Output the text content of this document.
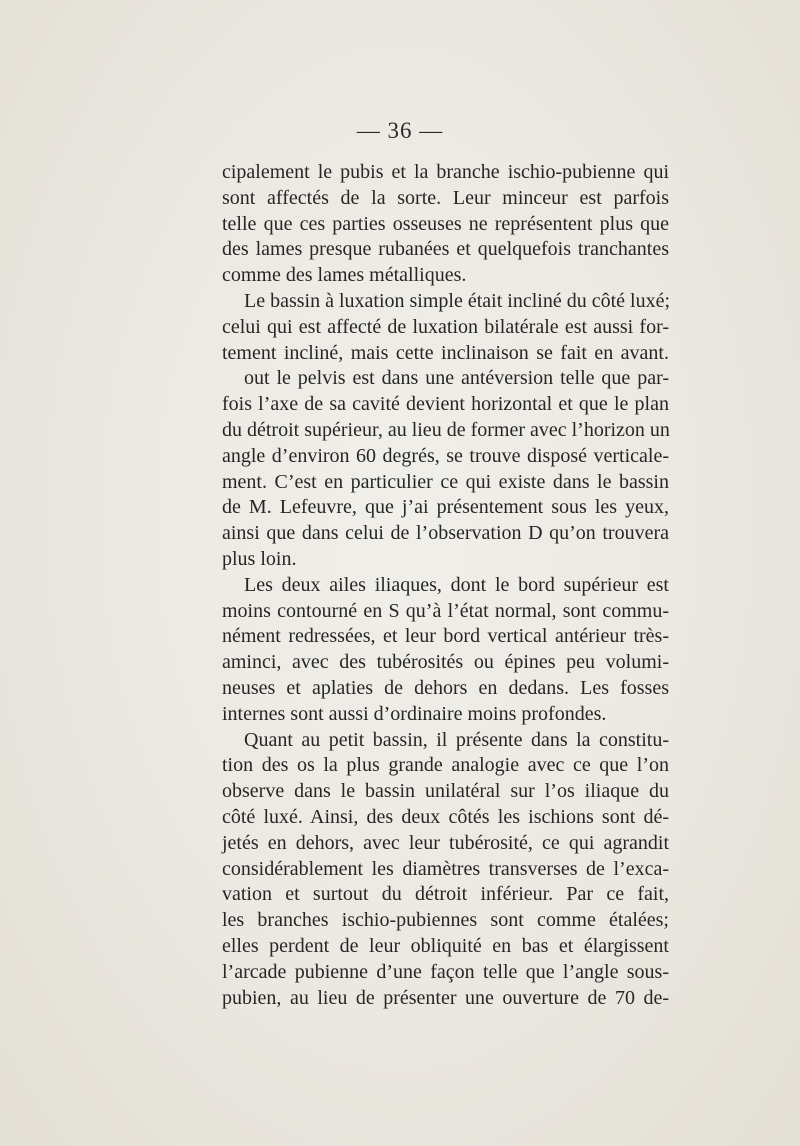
— 36 —
cipalement le pubis et la branche ischio-pubienne qui
sont affectés de la sorte. Leur minceur est parfois
telle que ces parties osseuses ne représentent plus que
des lames presque rubanées et quelquefois tranchantes
comme des lames métalliques.
Le bassin à luxation simple était incliné du côté luxé;
celui qui est affecté de luxation bilatérale est aussi for-
tement incliné, mais cette inclinaison se fait en avant.
out le pelvis est dans une antéversion telle que par-
fois l’axe de sa cavité devient horizontal et que le plan
du détroit supérieur, au lieu de former avec l’horizon un
angle d’environ 60 degrés, se trouve disposé verticale-
ment. C’est en particulier ce qui existe dans le bassin
de M. Lefeuvre, que j’ai présentement sous les yeux,
ainsi que dans celui de l’observation D qu’on trouvera
plus loin.
Les deux ailes iliaques, dont le bord supérieur est
moins contourné en S qu’à l’état normal, sont commu-
nément redressées, et leur bord vertical antérieur très-
aminci, avec des tubérosités ou épines peu volumi-
neuses et aplaties de dehors en dedans. Les fosses
internes sont aussi d’ordinaire moins profondes.
Quant au petit bassin, il présente dans la constitu-
tion des os la plus grande analogie avec ce que l’on
observe dans le bassin unilatéral sur l’os iliaque du
côté luxé. Ainsi, des deux côtés les ischions sont dé-
jetés en dehors, avec leur tubérosité, ce qui agrandit
considérablement les diamètres transverses de l’exca-
vation et surtout du détroit inférieur. Par ce fait,
les branches ischio-pubiennes sont comme étalées;
elles perdent de leur obliquité en bas et élargissent
l’arcade pubienne d’une façon telle que l’angle sous-
pubien, au lieu de présenter une ouverture de 70 de-
